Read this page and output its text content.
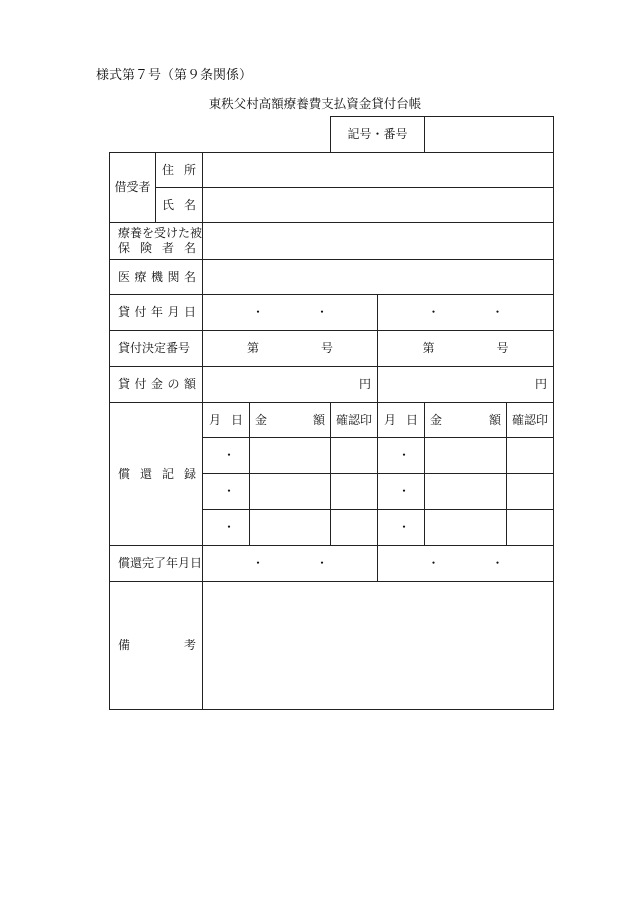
様式第７号（第９条関係）
東秩父村高額療養費支払資金貸付台帳
				記号・番号			
借受者	住 所						

	氏 名						

療養を受けた被
保 険 者 名							

医 療 機 関 名							

貸 付 年 月 日		・ ・			・ ・		

貸付決定番号		第 号			第 号		

貸 付 金 の 額		円			円		

償 還 記 録		月 日	金 額	確認印	月 日	金 額	確認印
		・			・		
		・			・		
		・			・		
償還完了年月日		・ ・			・ ・		

備 考							
